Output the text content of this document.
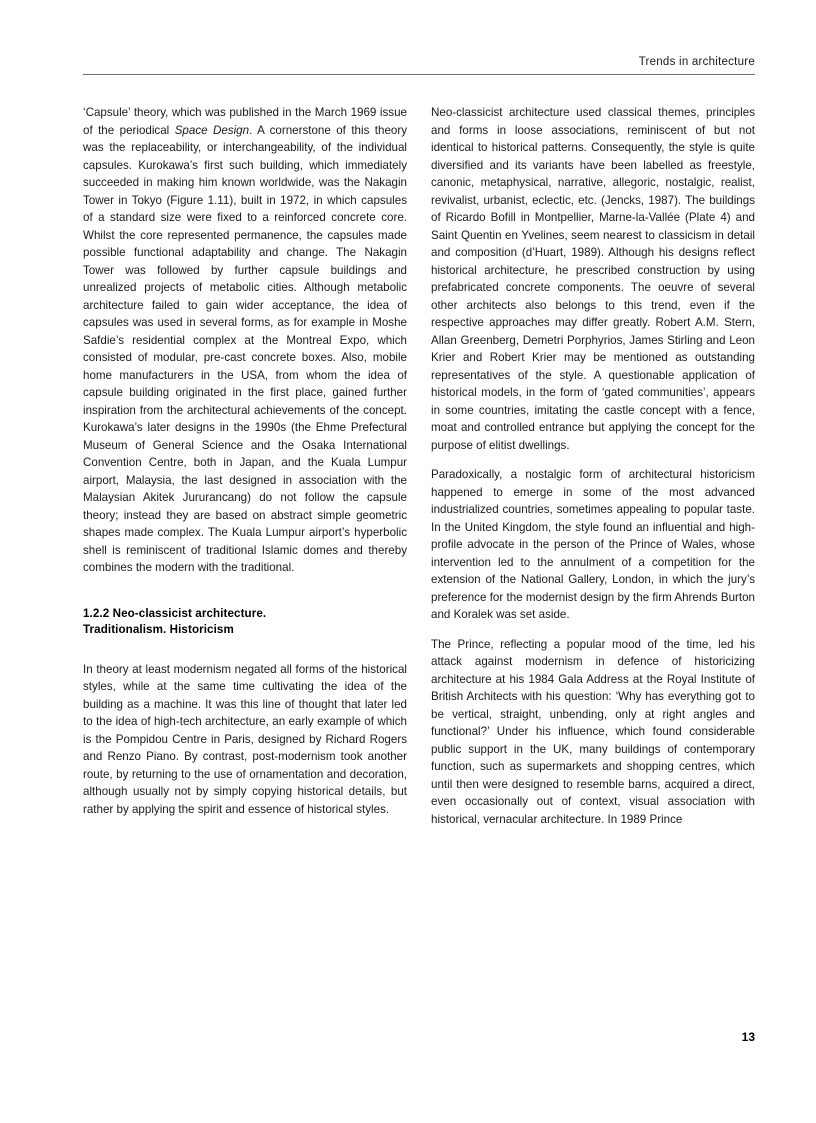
Trends in architecture

‘Capsule’ theory, which was published in the March 1969 issue of the periodical Space Design. A cornerstone of this theory was the replaceability, or interchangeability, of the individual capsules. Kurokawa’s first such building, which immediately succeeded in making him known worldwide, was the Nakagin Tower in Tokyo (Figure 1.11), built in 1972, in which capsules of a standard size were fixed to a reinforced concrete core. Whilst the core represented permanence, the capsules made possible functional adaptability and change. The Nakagin Tower was followed by further capsule buildings and unrealized projects of metabolic cities. Although metabolic architecture failed to gain wider acceptance, the idea of capsules was used in several forms, as for example in Moshe Safdie’s residential complex at the Montreal Expo, which consisted of modular, pre-cast concrete boxes. Also, mobile home manufacturers in the USA, from whom the idea of capsule building originated in the first place, gained further inspiration from the architectural achievements of the concept. Kurokawa’s later designs in the 1990s (the Ehme Prefectural Museum of General Science and the Osaka International Convention Centre, both in Japan, and the Kuala Lumpur airport, Malaysia, the last designed in association with the Malaysian Akitek Jururancang) do not follow the capsule theory; instead they are based on abstract simple geometric shapes made complex. The Kuala Lumpur airport’s hyperbolic shell is reminiscent of traditional Islamic domes and thereby combines the modern with the traditional.

1.2.2 Neo-classicist architecture.
Traditionalism. Historicism

In theory at least modernism negated all forms of the historical styles, while at the same time cultivating the idea of the building as a machine. It was this line of thought that later led to the idea of high-tech architecture, an early example of which is the Pompidou Centre in Paris, designed by Richard Rogers and Renzo Piano. By contrast, post-modernism took another route, by returning to the use of ornamentation and decoration, although usually not by simply copying historical details, but rather by applying the spirit and essence of historical styles.

Neo-classicist architecture used classical themes, principles and forms in loose associations, reminiscent of but not identical to historical patterns. Consequently, the style is quite diversified and its variants have been labelled as freestyle, canonic, metaphysical, narrative, allegoric, nostalgic, realist, revivalist, urbanist, eclectic, etc. (Jencks, 1987). The buildings of Ricardo Bofill in Montpellier, Marne-la-Vallée (Plate 4) and Saint Quentin en Yvelines, seem nearest to classicism in detail and composition (d’Huart, 1989). Although his designs reflect historical architecture, he prescribed construction by using prefabricated concrete components. The oeuvre of several other architects also belongs to this trend, even if the respective approaches may differ greatly. Robert A.M. Stern, Allan Greenberg, Demetri Porphyrios, James Stirling and Leon Krier and Robert Krier may be mentioned as outstanding representatives of the style. A questionable application of historical models, in the form of ‘gated communities’, appears in some countries, imitating the castle concept with a fence, moat and controlled entrance but applying the concept for the purpose of elitist dwellings.

Paradoxically, a nostalgic form of architectural historicism happened to emerge in some of the most advanced industrialized countries, sometimes appealing to popular taste. In the United Kingdom, the style found an influential and high-profile advocate in the person of the Prince of Wales, whose intervention led to the annulment of a competition for the extension of the National Gallery, London, in which the jury’s preference for the modernist design by the firm Ahrends Burton and Koralek was set aside.

The Prince, reflecting a popular mood of the time, led his attack against modernism in defence of historicizing architecture at his 1984 Gala Address at the Royal Institute of British Architects with his question: ‘Why has everything got to be vertical, straight, unbending, only at right angles and functional?’ Under his influence, which found considerable public support in the UK, many buildings of contemporary function, such as supermarkets and shopping centres, which until then were designed to resemble barns, acquired a direct, even occasionally out of context, visual association with historical, vernacular architecture. In 1989 Prince

13
